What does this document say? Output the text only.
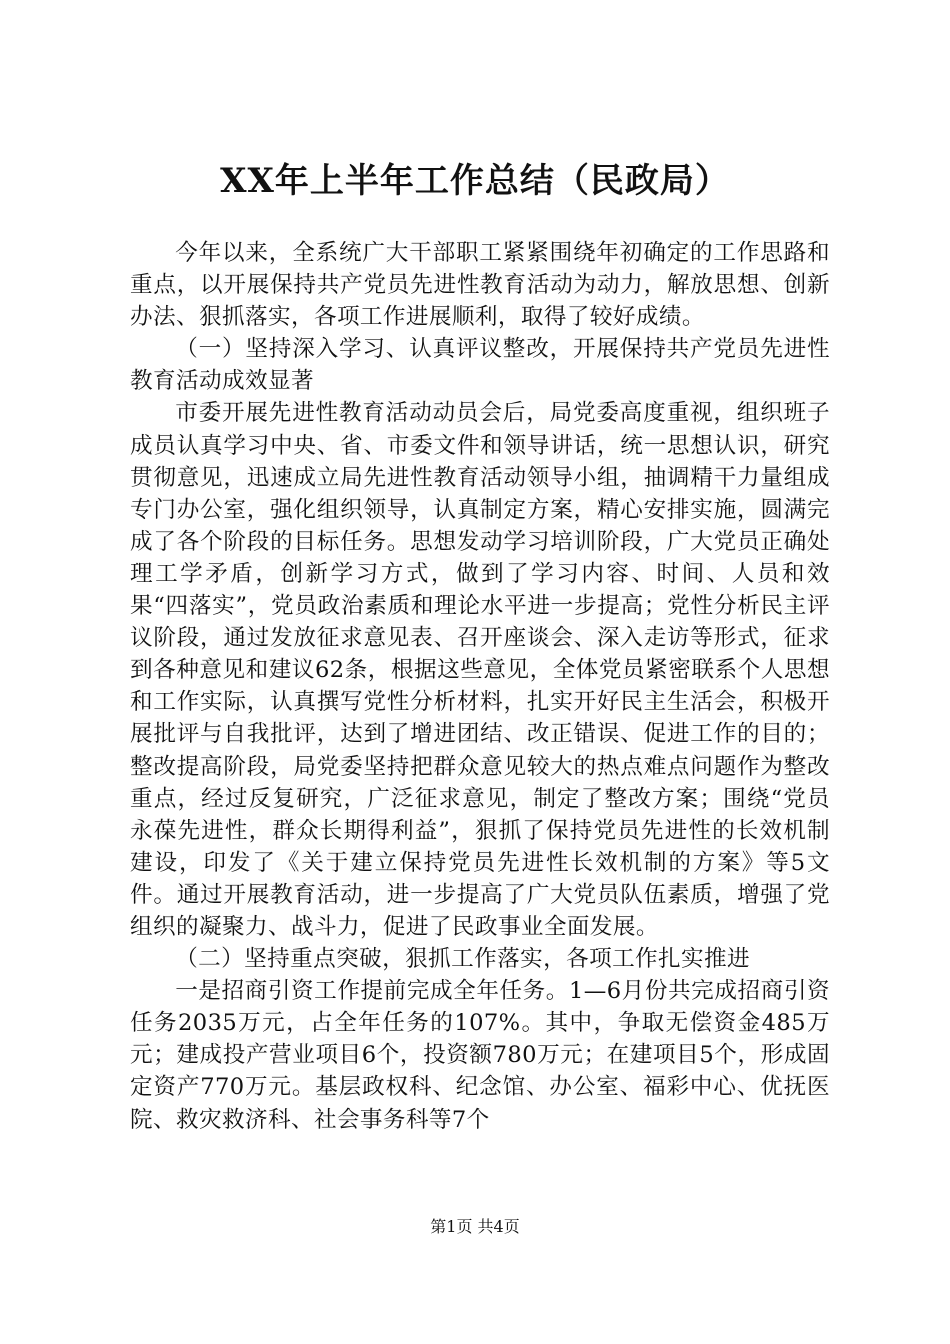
XX年上半年工作总结（民政局）

今年以来，全系统广大干部职工紧紧围绕年初确定的工作思路和重点，以开展保持共产党员先进性教育活动为动力，解放思想、创新办法、狠抓落实，各项工作进展顺利，取得了较好成绩。

（一）坚持深入学习、认真评议整改，开展保持共产党员先进性教育活动成效显著

市委开展先进性教育活动动员会后，局党委高度重视，组织班子成员认真学习中央、省、市委文件和领导讲话，统一思想认识，研究贯彻意见，迅速成立局先进性教育活动领导小组，抽调精干力量组成专门办公室，强化组织领导，认真制定方案，精心安排实施，圆满完成了各个阶段的目标任务。思想发动学习培训阶段，广大党员正确处理工学矛盾，创新学习方式，做到了学习内容、时间、人员和效果“四落实”，党员政治素质和理论水平进一步提高；党性分析民主评议阶段，通过发放征求意见表、召开座谈会、深入走访等形式，征求到各种意见和建议62条，根据这些意见，全体党员紧密联系个人思想和工作实际，认真撰写党性分析材料，扎实开好民主生活会，积极开展批评与自我批评，达到了增进团结、改正错误、促进工作的目的；整改提高阶段，局党委坚持把群众意见较大的热点难点问题作为整改重点，经过反复研究，广泛征求意见，制定了整改方案；围绕“党员永葆先进性，群众长期得利益”，狠抓了保持党员先进性的长效机制建设，印发了《关于建立保持党员先进性长效机制的方案》等5文件。通过开展教育活动，进一步提高了广大党员队伍素质，增强了党组织的凝聚力、战斗力，促进了民政事业全面发展。

（二）坚持重点突破，狠抓工作落实，各项工作扎实推进

一是招商引资工作提前完成全年任务。1—6月份共完成招商引资任务2035万元，占全年任务的107%。其中，争取无偿资金485万元；建成投产营业项目6个，投资额780万元；在建项目5个，形成固定资产770万元。基层政权科、纪念馆、办公室、福彩中心、优抚医院、救灾救济科、社会事务科等7个

第1页 共4页
